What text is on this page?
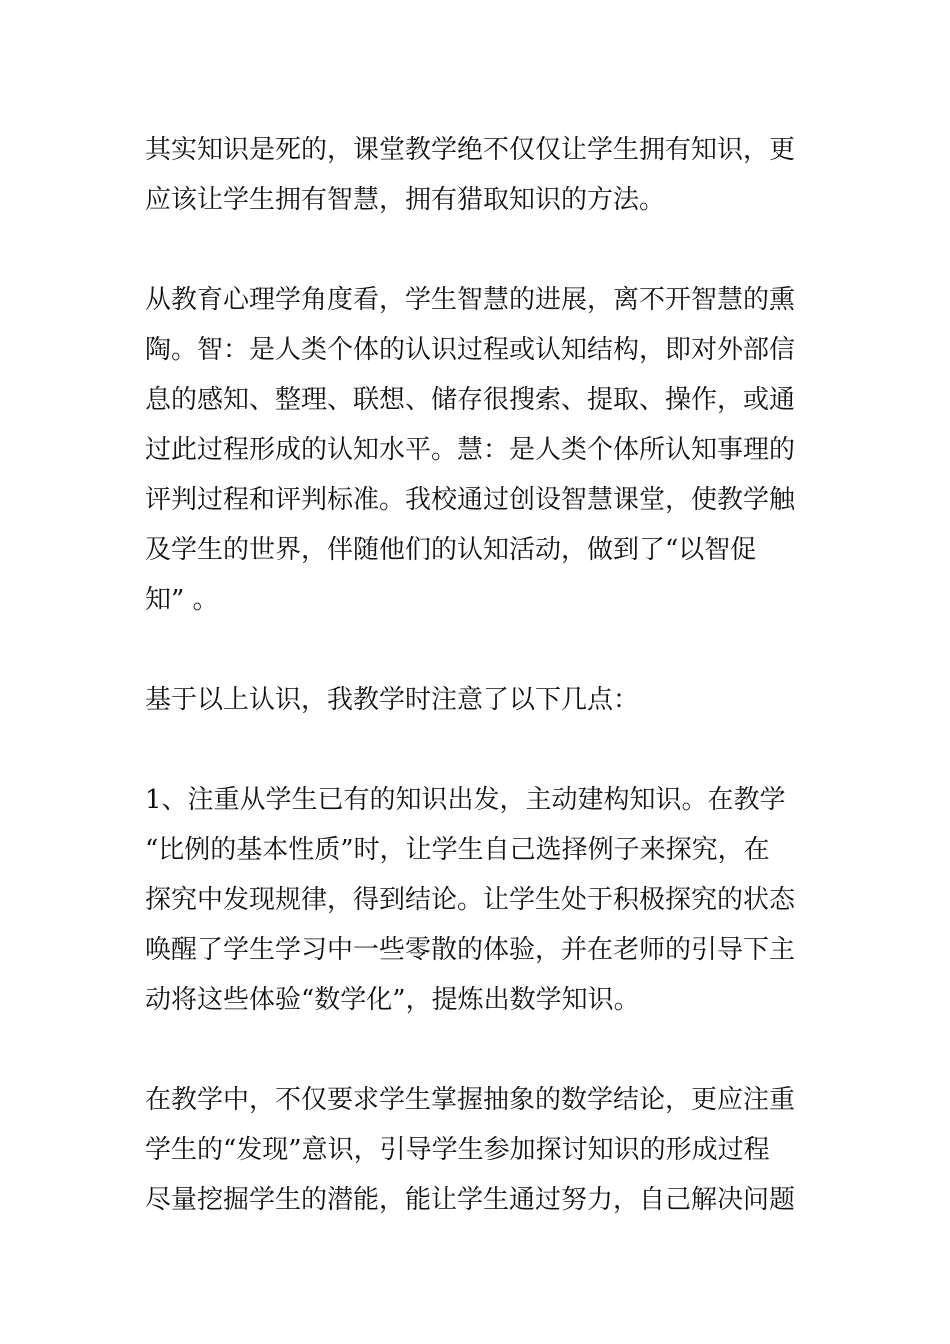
其实知识是死的，课堂教学绝不仅仅让学生拥有知识，更
应该让学生拥有智慧，拥有猎取知识的方法。
从教育心理学角度看，学生智慧的进展，离不开智慧的熏
陶。智：是人类个体的认识过程或认知结构，即对外部信
息的感知、整理、联想、储存很搜索、提取、操作，或通
过此过程形成的认知水平。慧：是人类个体所认知事理的
评判过程和评判标准。我校通过创设智慧课堂，使教学触
及学生的世界，伴随他们的认知活动，做到了“以智促
知” 。
基于以上认识，我教学时注意了以下几点：
1、注重从学生已有的知识出发，主动建构知识。在教学
“比例的基本性质”时，让学生自己选择例子来探究，在
探究中发现规律，得到结论。让学生处于积极探究的状态
唤醒了学生学习中一些零散的体验，并在老师的引导下主
动将这些体验“数学化”，提炼出数学知识。
在教学中，不仅要求学生掌握抽象的数学结论，更应注重
学生的“发现”意识，引导学生参加探讨知识的形成过程
尽量挖掘学生的潜能，能让学生通过努力，自己解决问题
